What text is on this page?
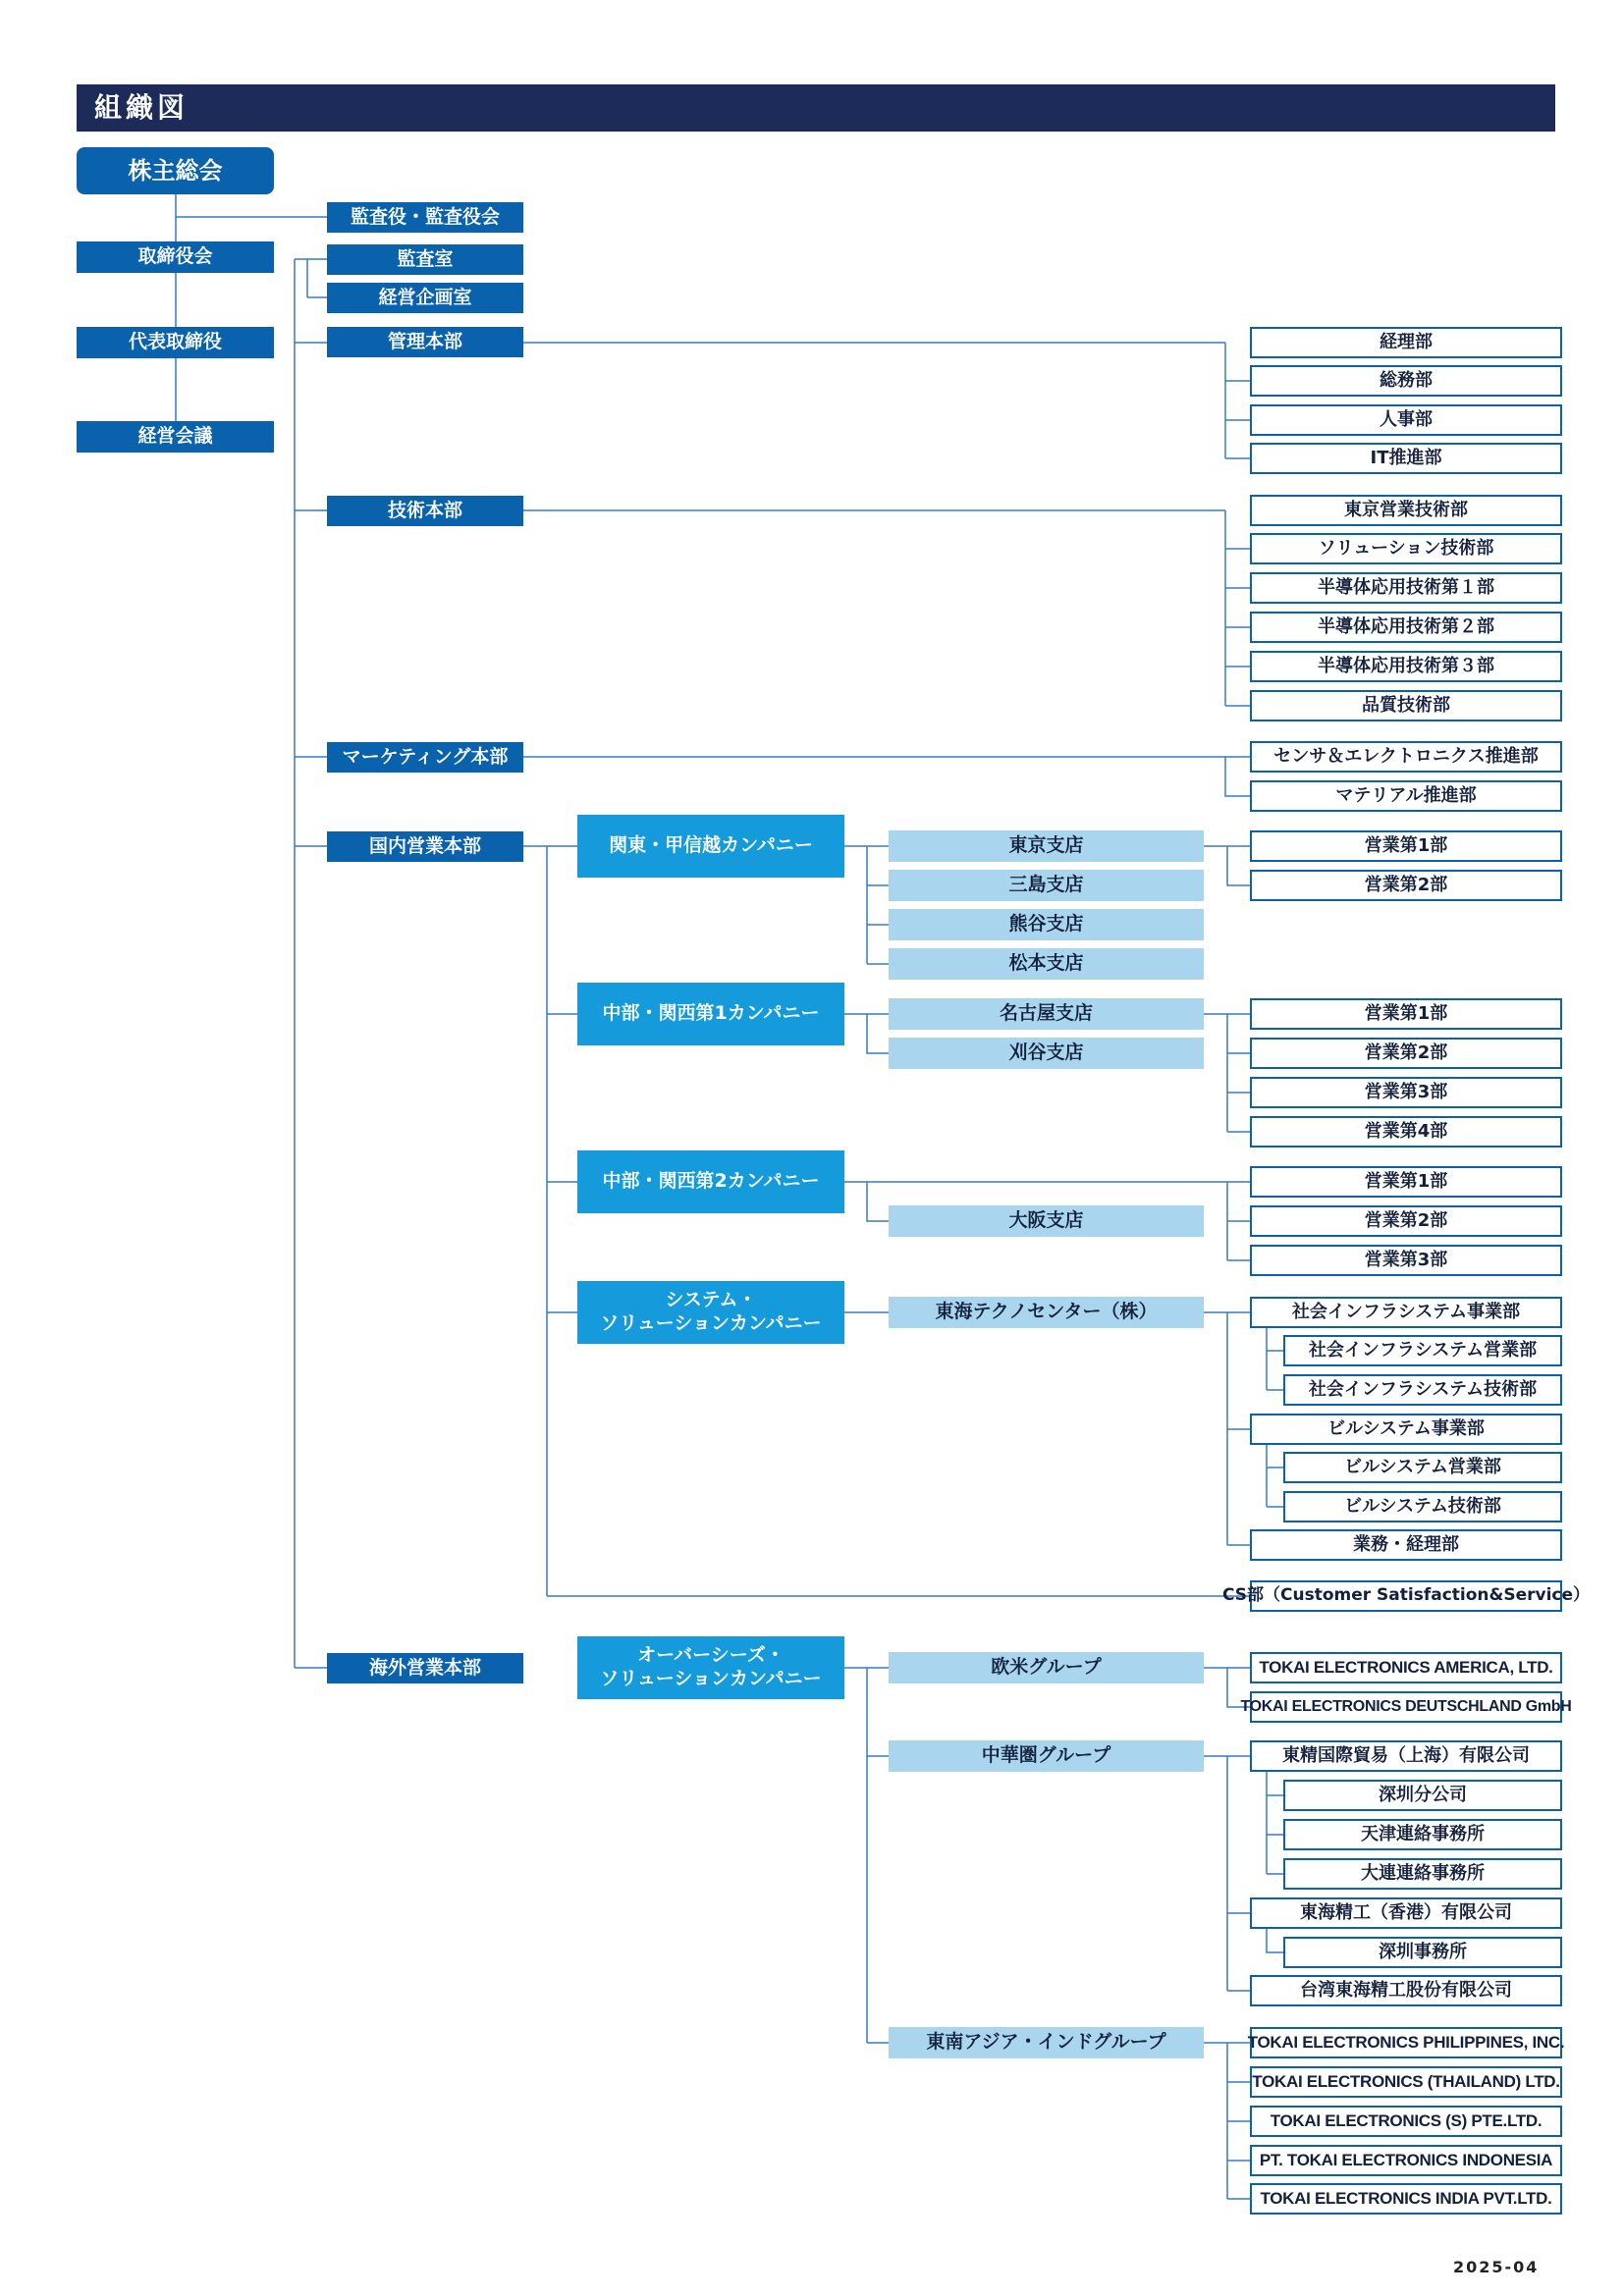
組織図
株主総会
監査役・監査役会
取締役会	監査室
経営企画室
代表取締役
経営会議
管理本部
技術本部
マーケティング本部
国内営業本部
海外営業本部
経理部
総務部
人事部
IT推進部
東京営業技術部
ソリューション技術部
半導体応用技術第１部
半導体応用技術第２部
半導体応用技術第３部
品質技術部
センサ＆エレクトロニクス推進部
マテリアル推進部
関東・甲信越カンパニー
中部・関西第1カンパニー
中部・関西第2カンパニー
システム・
ソリューションカンパニー
東京支店
三島支店
熊谷支店
松本支店
営業第1部
営業第2部
名古屋支店
刈谷支店
営業第1部
営業第2部
営業第3部
営業第4部
大阪支店
営業第1部
営業第2部
営業第3部
東海テクノセンター（株）	社会インフラシステム事業部
社会インフラシステム営業部
社会インフラシステム技術部
ビルシステム事業部
ビルシステム営業部
ビルシステム技術部
業務・経理部
CS部（Customer Satisfaction&Service）
オーバーシーズ・
ソリューションカンパニー
欧米グループ
中華圏グループ
東南アジア・インドグループ
TOKAI ELECTRONICS AMERICA, LTD.
TOKAI ELECTRONICS DEUTSCHLAND GmbH
東精国際貿易（上海）有限公司
深圳分公司
天津連絡事務所
大連連絡事務所
東海精工（香港）有限公司
深圳事務所
台湾東海精工股份有限公司
TOKAI ELECTRONICS PHILIPPINES, INC.
TOKAI ELECTRONICS (THAILAND) LTD.
TOKAI ELECTRONICS (S) PTE.LTD.
PT. TOKAI ELECTRONICS INDONESIA
TOKAI ELECTRONICS INDIA PVT.LTD.
2025-04
